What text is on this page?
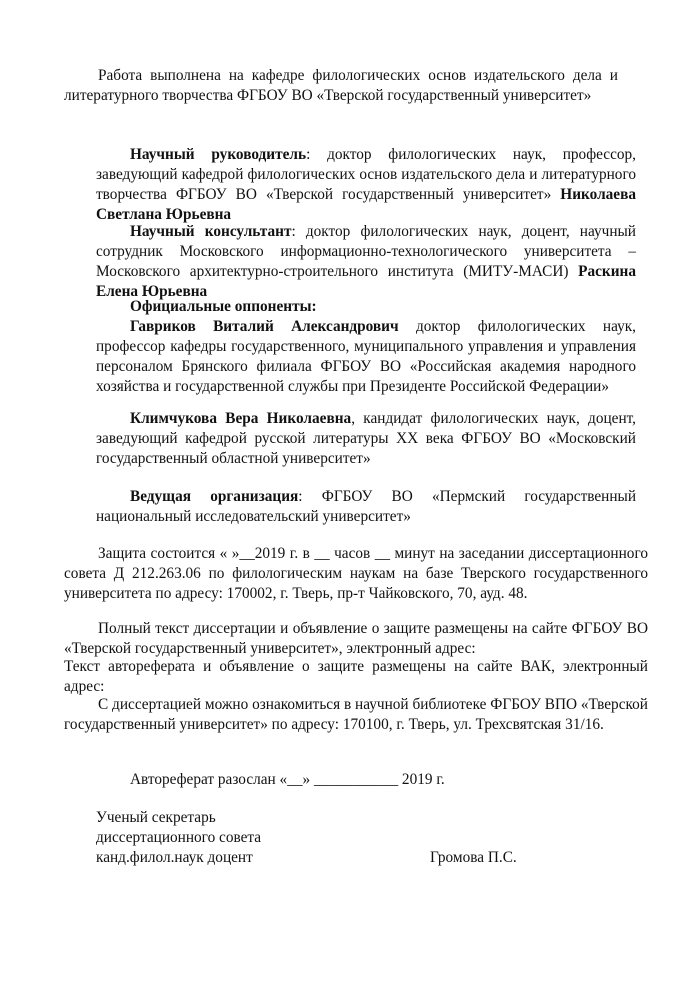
Работа выполнена на кафедре филологических основ издательского дела и литературного творчества ФГБОУ ВО «Тверской государственный университет»

Научный руководитель: доктор филологических наук, профессор, заведующий кафедрой филологических основ издательского дела и литературного творчества ФГБОУ ВО «Тверской государственный университет» Николаева Светлана Юрьевна

Научный консультант: доктор филологических наук, доцент, научный сотрудник Московского информационно-технологического университета – Московского архитектурно-строительного института (МИТУ-МАСИ) Раскина Елена Юрьевна

Официальные оппоненты:

Гавриков Виталий Александрович доктор филологических наук, профессор кафедры государственного, муниципального управления и управления персоналом Брянского филиала ФГБОУ ВО «Российская академия народного хозяйства и государственной службы при Президенте Российской Федерации»

Климчукова Вера Николаевна, кандидат филологических наук, доцент, заведующий кафедрой русской литературы XX века ФГБОУ ВО «Московский государственный областной университет»

Ведущая организация: ФГБОУ ВО «Пермский государственный национальный исследовательский университет»

Защита состоится « »__2019 г. в __ часов __ минут на заседании диссертационного совета Д 212.263.06 по филологическим наукам на базе Тверского государственного университета по адресу: 170002, г. Тверь, пр-т Чайковского, 70, ауд. 48.

Полный текст диссертации и объявление о защите размещены на сайте ФГБОУ ВО «Тверской государственный университет», электронный адрес:

Текст автореферата и объявление о защите размещены на сайте ВАК, электронный адрес:

С диссертацией можно ознакомиться в научной библиотеке ФГБОУ ВПО «Тверской государственный университет» по адресу: 170100, г. Тверь, ул. Трехсвятская 31/16.

Автореферат разослан «__» ___________ 2019 г.
Ученый секретарь
диссертационного совета
канд.филол.наук доцент	Громова П.С.
